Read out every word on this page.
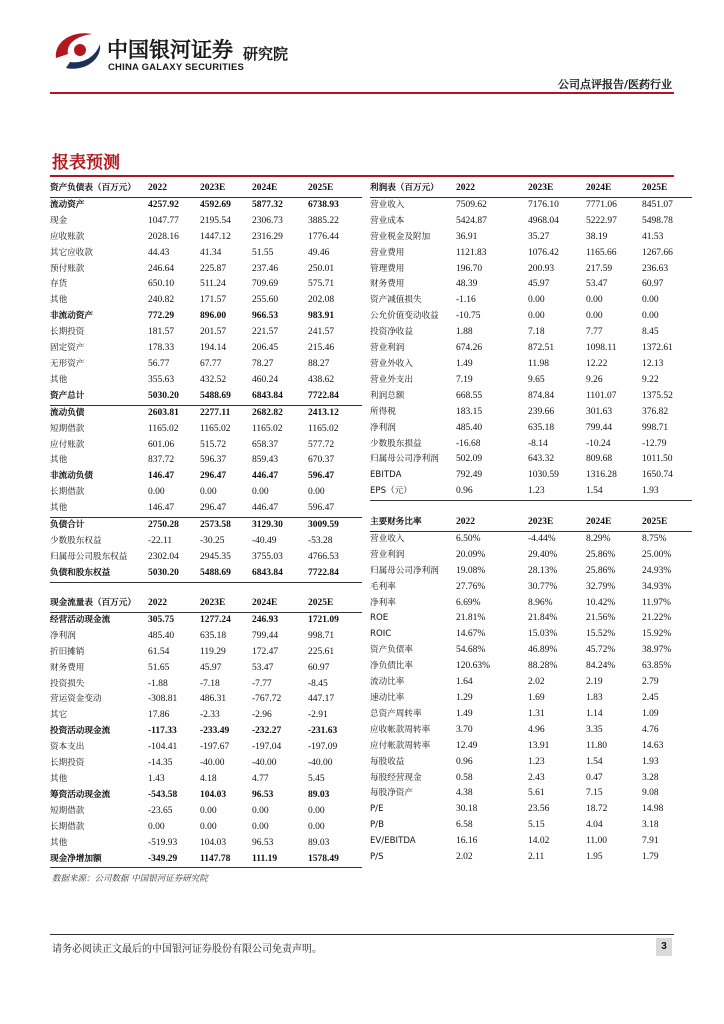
中国银河证券
CHINA GALAXY SECURITIES
研究院
公司点评报告/医药行业
报表预测
资产负债表（百万元）	2022	2023E	2024E	2025E
流动资产	4257.92	4592.69	5877.32	6738.93
现金	1047.77	2195.54	2306.73	3885.22
应收账款	2028.16	1447.12	2316.29	1776.44
其它应收款	44.43	41.34	51.55	49.46
预付账款	246.64	225.87	237.46	250.01
存货	650.10	511.24	709.69	575.71
其他	240.82	171.57	255.60	202.08
非流动资产	772.29	896.00	966.53	983.91
长期投资	181.57	201.57	221.57	241.57
固定资产	178.33	194.14	206.45	215.46
无形资产	56.77	67.77	78.27	88.27
其他	355.63	432.52	460.24	438.62
资产总计	5030.20	5488.69	6843.84	7722.84
流动负债	2603.81	2277.11	2682.82	2413.12
短期借款	1165.02	1165.02	1165.02	1165.02
应付账款	601.06	515.72	658.37	577.72
其他	837.72	596.37	859.43	670.37
非流动负债	146.47	296.47	446.47	596.47
长期借款	0.00	0.00	0.00	0.00
其他	146.47	296.47	446.47	596.47
负债合计	2750.28	2573.58	3129.30	3009.59
少数股东权益	-22.11	-30.25	-40.49	-53.28
归属母公司股东权益	2302.04	2945.35	3755.03	4766.53
负债和股东权益	5030.20	5488.69	6843.84	7722.84
利润表（百万元）	2022	2023E	2024E	2025E
营业收入	7509.62	7176.10	7771.06	8451.07
营业成本	5424.87	4968.04	5222.97	5498.78
营业税金及附加	36.91	35.27	38.19	41.53
营业费用	1121.83	1076.42	1165.66	1267.66
管理费用	196.70	200.93	217.59	236.63
财务费用	48.39	45.97	53.47	60.97
资产减值损失	-1.16	0.00	0.00	0.00
公允价值变动收益	-10.75	0.00	0.00	0.00
投资净收益	1.88	7.18	7.77	8.45
营业利润	674.26	872.51	1098.11	1372.61
营业外收入	1.49	11.98	12.22	12.13
营业外支出	7.19	9.65	9.26	9.22
利润总额	668.55	874.84	1101.07	1375.52
所得税	183.15	239.66	301.63	376.82
净利润	485.40	635.18	799.44	998.71
少数股东损益	-16.68	-8.14	-10.24	-12.79
归属母公司净利润	502.09	643.32	809.68	1011.50
EBITDA	792.49	1030.59	1316.28	1650.74
EPS（元）	0.96	1.23	1.54	1.93
主要财务比率	2022	2023E	2024E	2025E
营业收入	6.50%	-4.44%	8.29%	8.75%
营业利润	20.09%	29.40%	25.86%	25.00%
归属母公司净利润	19.08%	28.13%	25.86%	24.93%
毛利率	27.76%	30.77%	32.79%	34.93%
净利率	6.69%	8.96%	10.42%	11.97%
ROE	21.81%	21.84%	21.56%	21.22%
ROIC	14.67%	15.03%	15.52%	15.92%
资产负债率	54.68%	46.89%	45.72%	38.97%
净负债比率	120.63%	88.28%	84.24%	63.85%
流动比率	1.64	2.02	2.19	2.79
速动比率	1.29	1.69	1.83	2.45
总资产周转率	1.49	1.31	1.14	1.09
应收帐款周转率	3.70	4.96	3.35	4.76
应付帐款周转率	12.49	13.91	11.80	14.63
每股收益	0.96	1.23	1.54	1.93
每股经营现金	0.58	2.43	0.47	3.28
每股净资产	4.38	5.61	7.15	9.08
P/E	30.18	23.56	18.72	14.98
P/B	6.58	5.15	4.04	3.18
EV/EBITDA	16.16	14.02	11.00	7.91
P/S	2.02	2.11	1.95	1.79
现金流量表（百万元）	2022	2023E	2024E	2025E
经营活动现金流	305.75	1277.24	246.93	1721.09
净利润	485.40	635.18	799.44	998.71
折旧摊销	61.54	119.29	172.47	225.61
财务费用	51.65	45.97	53.47	60.97
投资损失	-1.88	-7.18	-7.77	-8.45
营运资金变动	-308.81	486.31	-767.72	447.17
其它	17.86	-2.33	-2.96	-2.91
投资活动现金流	-117.33	-233.49	-232.27	-231.63
资本支出	-104.41	-197.67	-197.04	-197.09
长期投资	-14.35	-40.00	-40.00	-40.00
其他	1.43	4.18	4.77	5.45
筹资活动现金流	-543.58	104.03	96.53	89.03
短期借款	-23.65	0.00	0.00	0.00
长期借款	0.00	0.00	0.00	0.00
其他	-519.93	104.03	96.53	89.03
现金净增加额	-349.29	1147.78	111.19	1578.49
数据来源：公司数据 中国银河证券研究院
请务必阅读正文最后的中国银河证券股份有限公司免责声明。	3
